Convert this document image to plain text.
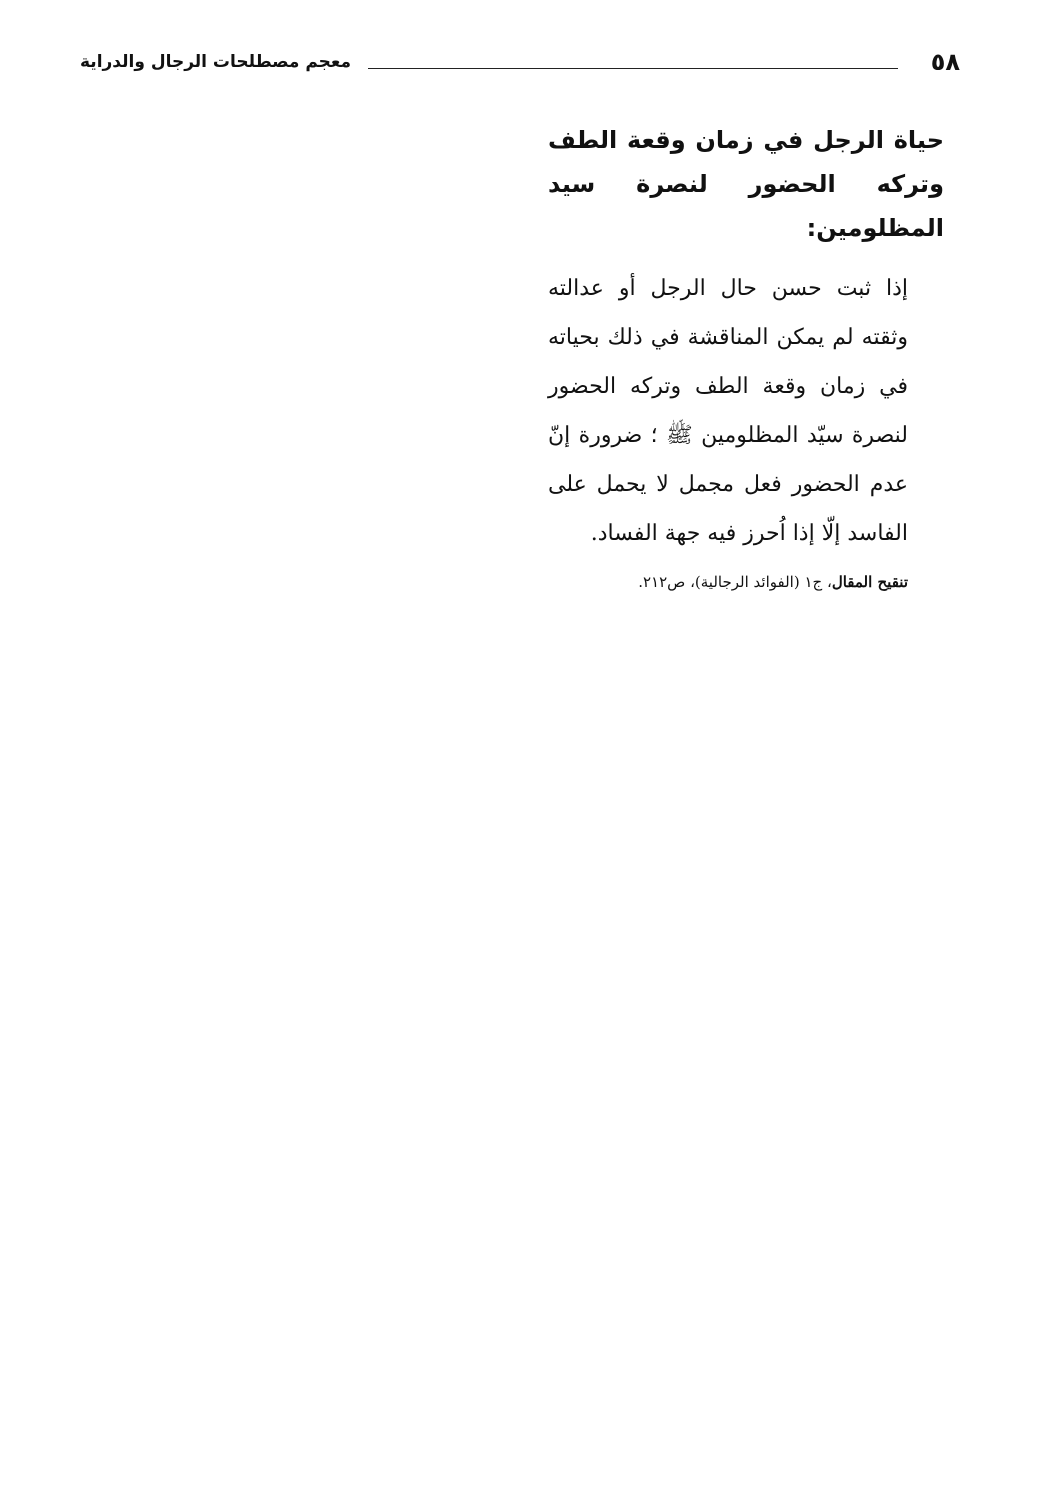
معجم مصطلحات الرجال والدراية	٥٨
حياة الرجل في زمان وقعة الطف وتركه الحضور لنصرة سيد المظلومين:

إذا ثبت حسن حال الرجل أو عدالته وثقته لم يمكن المناقشة في ذلك بحياته في زمان وقعة الطف وتركه الحضور لنصرة سيّد المظلومين ﷺ ؛ ضرورة إنّ عدم الحضور فعل مجمل لا يحمل على الفاسد إلّا إذا اُحرز فيه جهة الفساد.

تنقيح المقال، ج١ (الفوائد الرجالية)، ص٢١٢.
